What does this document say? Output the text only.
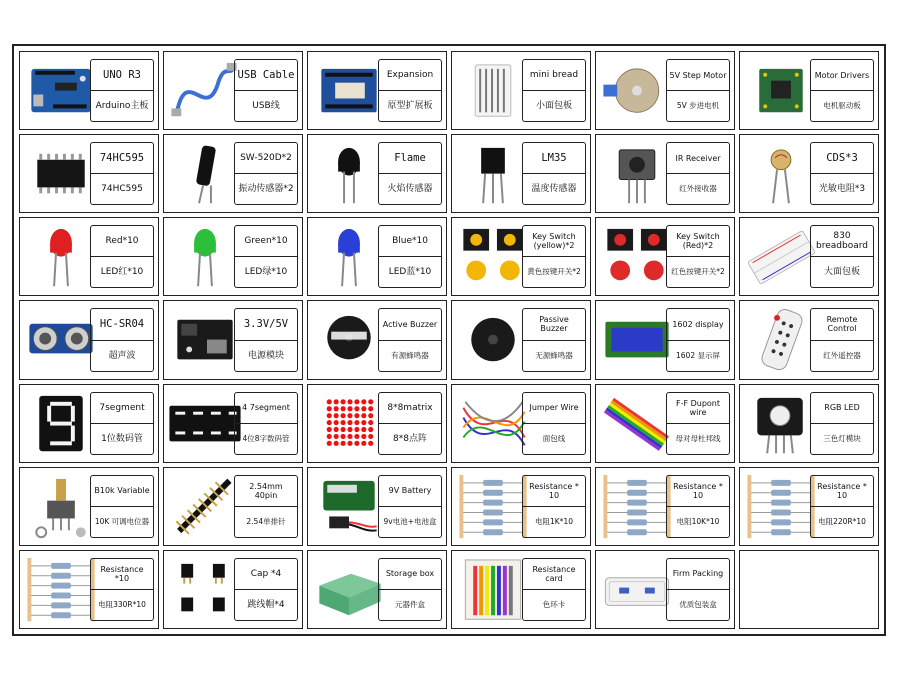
UNO R3
Arduino主板
USB Cable
USB线
Expansion
原型扩展板
mini bread
小面包板
5V Step Motor
5V 步进电机
Motor Drivers
电机驱动板
74HC595
74HC595
SW-520D*2
振动传感器*2
Flame
火焰传感器
LM35
温度传感器
IR Receiver
红外接收器
CDS*3
光敏电阻*3
Red*10
LED红*10
Green*10
LED绿*10
Blue*10
LED蓝*10
Key Switch (yellow)*2
黄色按键开关*2
Key Switch (Red)*2
红色按键开关*2
830 breadboard
大面包板
HC-SR04
超声波
3.3V/5V
电源模块
Active Buzzer
有源蜂鸣器
Passive Buzzer
无源蜂鸣器
1602 display
1602 显示屏
Remote Control
红外遥控器
7segment
1位数码管
4 7segment
4位8字数码管
8*8matrix
8*8点阵
Jumper Wire
面包线
F-F Dupont wire
母对母杜邦线
RGB LED
三色灯模块
B10k Variable
10K 可调电位器
2.54mm 40pin
2.54单排针
9V Battery
9v电池+电池盒
Resistance * 10
电阻1K*10
Resistance * 10
电阻10K*10
Resistance * 10
电阻220R*10
Resistance *10
电阻330R*10
Cap *4
跳线帽*4
Storage box
元器件盒
Resistance card
色环卡
Firm Packing
优质包装盒
